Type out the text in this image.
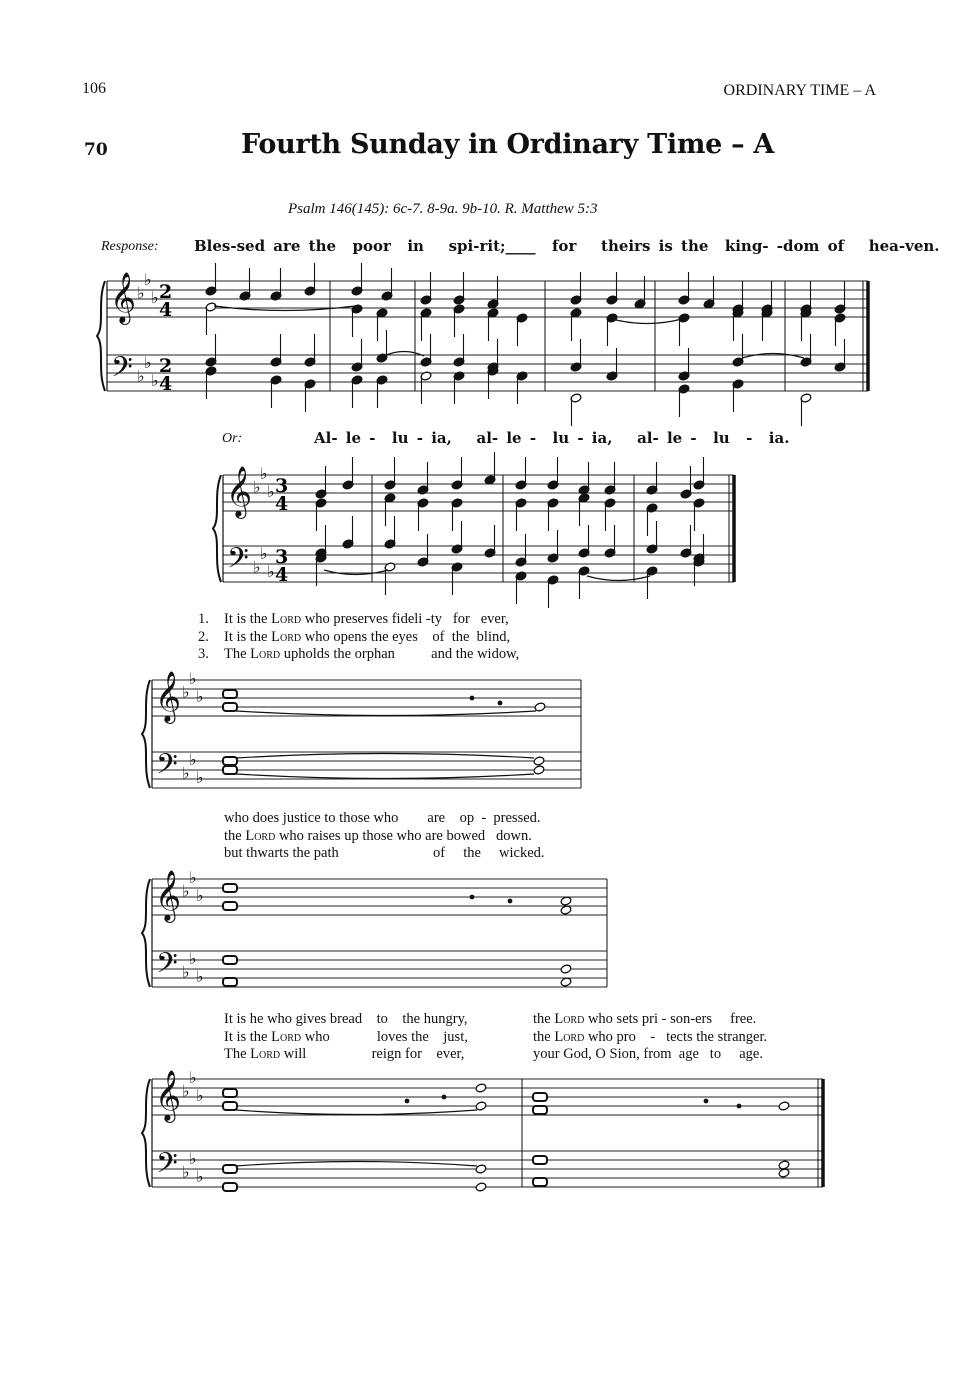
106	ORDINARY TIME – A
70	Fourth Sunday in Ordinary Time – A
Psalm 146(145): 6c-7. 8-9a. 9b-10. R. Matthew 5:3
Response: Bles-sed are the  poor  in   spi-rit;____  for   theirs is the  king- -dom of   hea-ven.
Or:	Al- le -  lu - ia,   al- le -  lu - ia,   al- le -  lu  -  ia.
1. It is the Lord who preserves fideli -ty   for   ever,
2. It is the Lord who opens the eyes    of  the  blind,
3. The Lord upholds the orphan          and the widow,
who does justice to those who        are    op  -  pressed.
the Lord who raises up those who are bowed   down.
but thwarts the path                          of     the     wicked.
It is he who gives bread    to    the hungry,
It is the Lord who             loves the    just,
The Lord will                  reign for    ever,
the Lord who sets pri - son-ers     free.
the Lord who pro    -   tects the stranger.
your God, O Sion, from  age   to     age.
𝄞 ♭
♭
♭
𝄢 ♭
♭
♭
𝄞 ♭
♭
♭
𝄢 ♭
♭
♭
𝄞 ♭
♭
♭
𝄢 ♭
♭
♭
𝄞 ♭
♭
♭
𝄢 ♭
♭
♭
𝄞 ♭
♭
♭
𝄢 ♭
♭
♭
2
4
2
4
3
4
3
4
